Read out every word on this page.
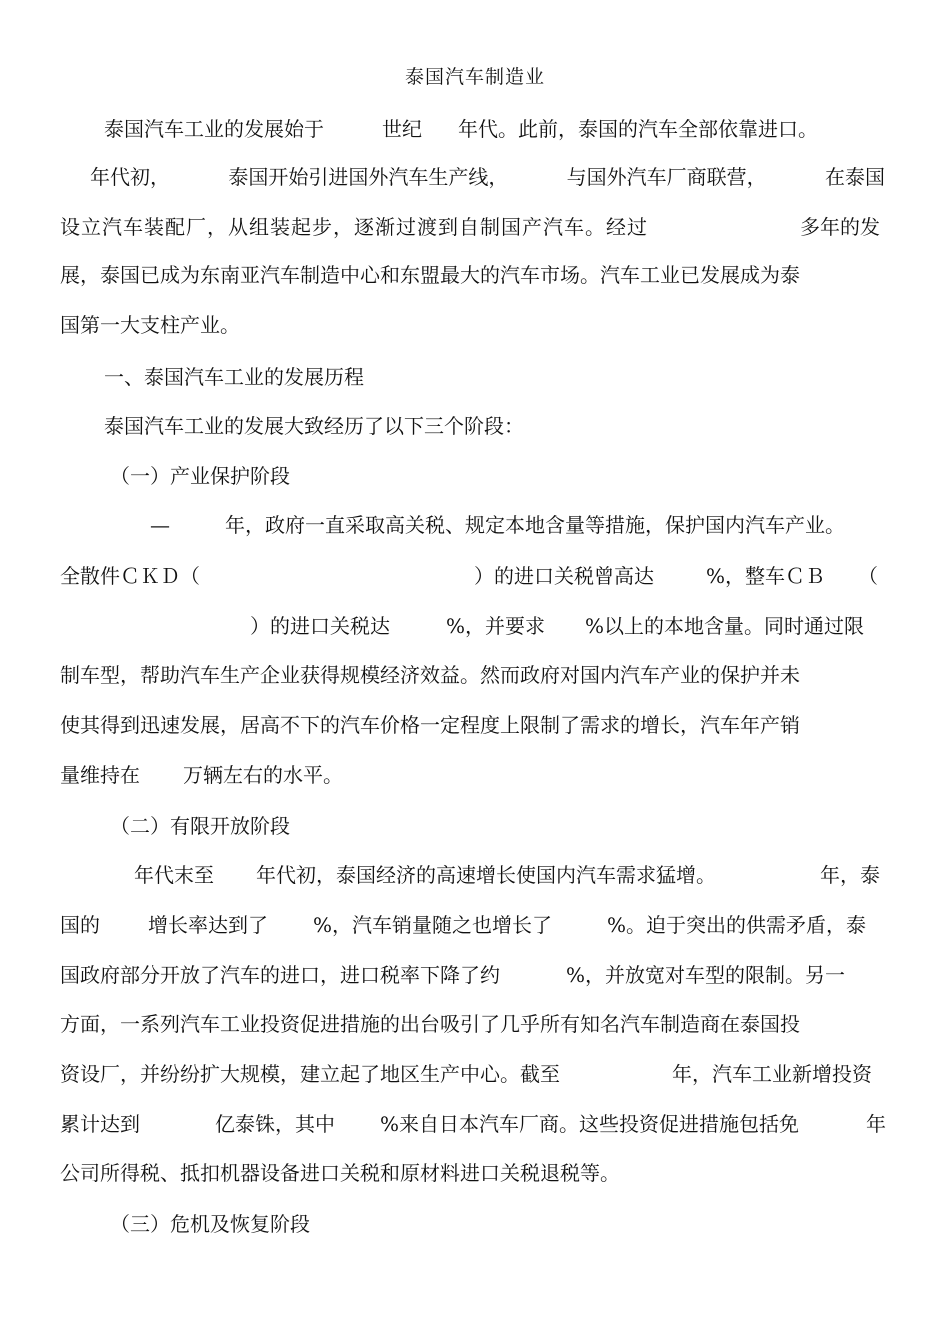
泰国汽车制造业
泰国汽车工业的发展始于	世纪 年代。此前，泰国的汽车全部依靠进口。
年代初，	泰国开始引进国外汽车生产线，	与国外汽车厂商联营，	在泰国
设立汽车装配厂，从组装起步，逐渐过渡到自制国产汽车。经过	多年的发
展，泰国已成为东南亚汽车制造中心和东盟最大的汽车市场。汽车工业已发展成为泰
国第一大支柱产业。
一、泰国汽车工业的发展历程
泰国汽车工业的发展大致经历了以下三个阶段：
（一）产业保护阶段
—	年，政府一直采取高关税、规定本地含量等措施，保护国内汽车产业。
全散件ＣＫＤ（	）的进口关税曾高达	%，整车ＣＢ （
）的进口关税达	%，并要求 %以上的本地含量。同时通过限
制车型，帮助汽车生产企业获得规模经济效益。然而政府对国内汽车产业的保护并未
使其得到迅速发展，居高不下的汽车价格一定程度上限制了需求的增长，汽车年产销
量维持在 万辆左右的水平。
（二）有限开放阶段
年代末至 年代初，泰国经济的高速增长使国内汽车需求猛增。	年，泰
国的 增长率达到了 %，汽车销量随之也增长了	%。迫于突出的供需矛盾，泰
国政府部分开放了汽车的进口，进口税率下降了约	%，并放宽对车型的限制。另一
方面，一系列汽车工业投资促进措施的出台吸引了几乎所有知名汽车制造商在泰国投
资设厂，并纷纷扩大规模，建立起了地区生产中心。截至	年，汽车工业新增投资
累计达到	亿泰铢，其中 %来自日本汽车厂商。这些投资促进措施包括免	年
公司所得税、抵扣机器设备进口关税和原材料进口关税退税等。
（三）危机及恢复阶段
